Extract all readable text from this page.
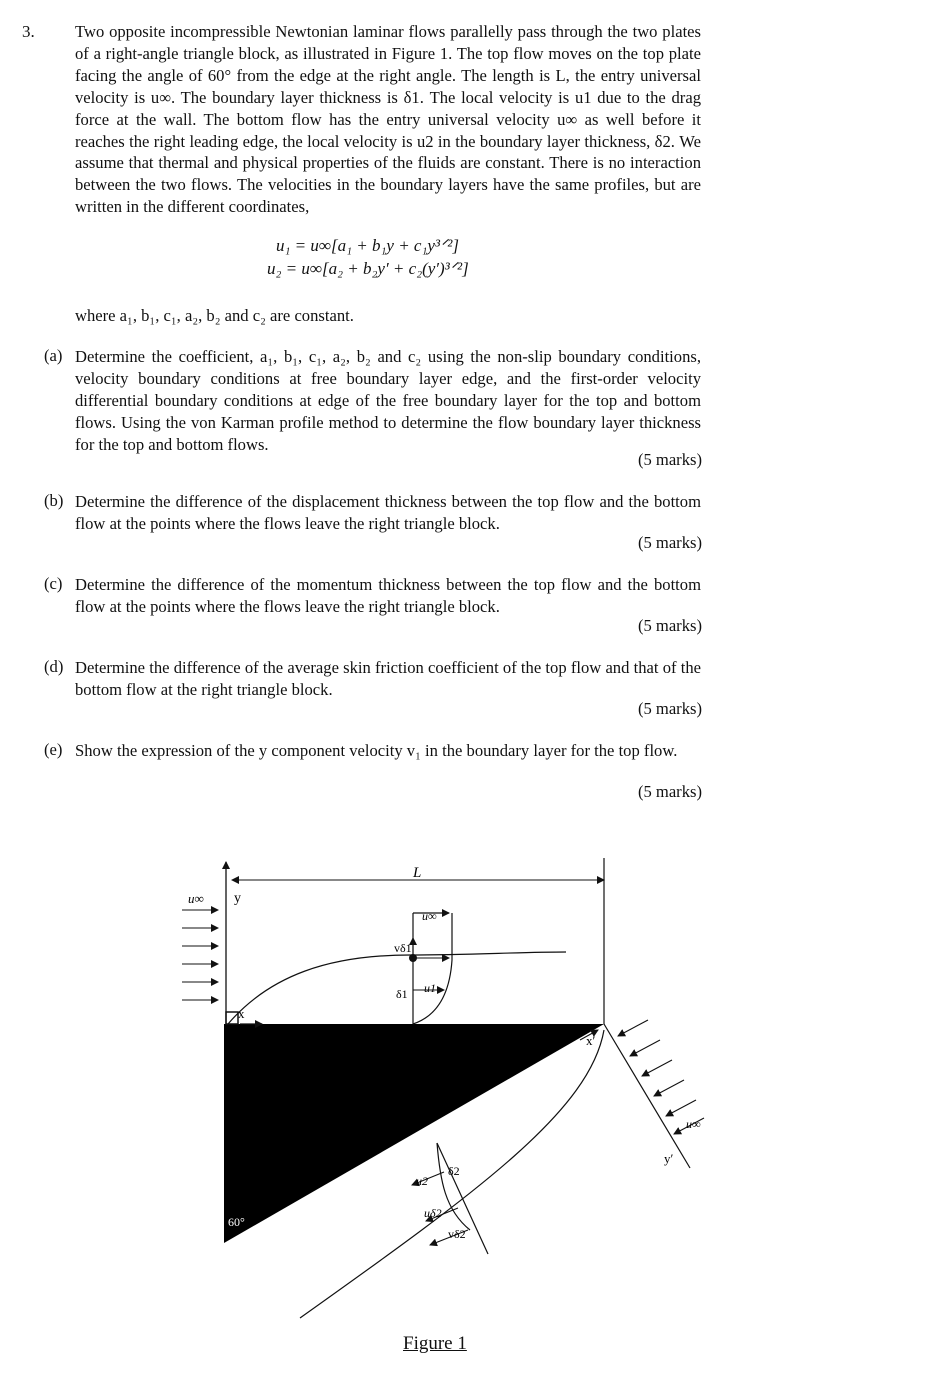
3. Two opposite incompressible Newtonian laminar flows parallelly pass through the two plates of a right-angle triangle block, as illustrated in Figure 1. The top flow moves on the top plate facing the angle of 60° from the edge at the right angle. The length is L, the entry universal velocity is u∞. The boundary layer thickness is δ1. The local velocity is u1 due to the drag force at the wall. The bottom flow has the entry universal velocity u∞ as well before it reaches the right leading edge, the local velocity is u2 in the boundary layer thickness, δ2. We assume that thermal and physical properties of the fluids are constant. There is no interaction between the two flows. The velocities in the boundary layers have the same profiles, but are written in the different coordinates,
u₁ = u∞[a₁ + b₁y + c₁y³ᐟ²]
u₂ = u∞[a₂ + b₂y′ + c₂(y′)³ᐟ²]
where a₁, b₁, c₁, a₂, b₂ and c₂ are constant.
(a) Determine the coefficient, a₁, b₁, c₁, a₂, b₂ and c₂ using the non-slip boundary conditions, velocity boundary conditions at free boundary layer edge, and the first-order velocity differential boundary conditions at edge of the free boundary layer for the top and bottom flows. Using the von Karman profile method to determine the flow boundary layer thickness for the top and bottom flows.
(5 marks)
(b) Determine the difference of the displacement thickness between the top flow and the bottom flow at the points where the flows leave the right triangle block.
(5 marks)
(c) Determine the difference of the momentum thickness between the top flow and the bottom flow at the points where the flows leave the right triangle block.
(5 marks)
(d) Determine the difference of the average skin friction coefficient of the top flow and that of the bottom flow at the right triangle block.
(5 marks)
(e) Show the expression of the y component velocity v₁ in the boundary layer for the top flow.
(5 marks)
L
u∞ y
x
u∞
vδ1
δ1 u1
x′
y′
u∞
u2
δ2
uδ2
vδ2
60°
Figure 1
